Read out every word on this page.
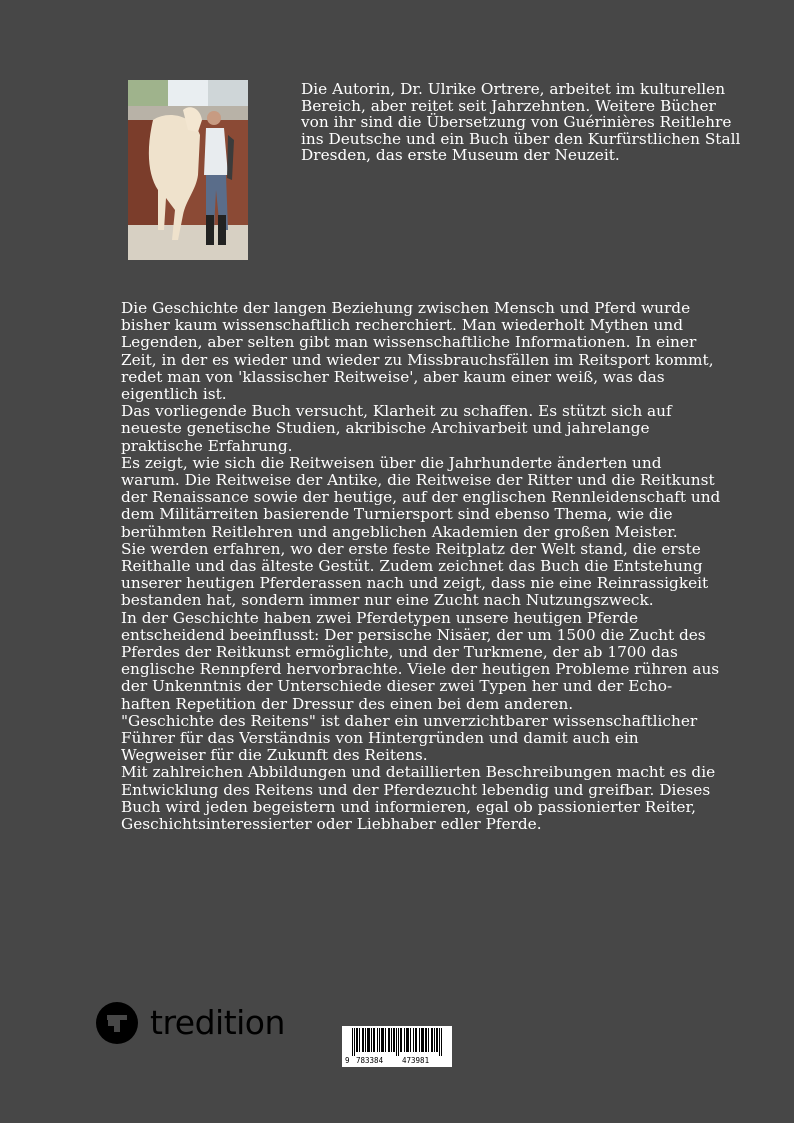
Die Autorin, Dr. Ulrike Ortrere, arbeitet im kulturellen Bereich, aber reitet seit Jahrzehnten. Weitere Bücher von ihr sind die Übersetzung von Guérinières Reitlehre ins Deutsche und ein Buch über den Kurfürstlichen Stall Dresden, das erste Museum der Neuzeit.

Die Geschichte der langen Beziehung zwischen Mensch und Pferd wurde bisher kaum wissenschaftlich recherchiert. Man wiederholt Mythen und Legenden, aber selten gibt man wissenschaftliche Informationen. In einer Zeit, in der es wieder und wieder zu Missbrauchsfällen im Reitsport kommt, redet man von 'klassischer Reitweise', aber kaum einer weiß, was das eigentlich ist.

Das vorliegende Buch versucht, Klarheit zu schaffen. Es stützt sich auf neueste genetische Studien, akribische Archivarbeit und jahrelange praktische Erfahrung.

Es zeigt, wie sich die Reitweisen über die Jahrhunderte änderten und warum. Die Reitweise der Antike, die Reitweise der Ritter und die Reitkunst der Renaissance sowie der heutige, auf der englischen Rennleidenschaft und dem Militärreiten basierende Turniersport sind ebenso Thema, wie die berühmten Reitlehren und angeblichen Akademien der großen Meister.

Sie werden erfahren, wo der erste feste Reitplatz der Welt stand, die erste Reithalle und das älteste Gestüt. Zudem zeichnet das Buch die Entstehung unserer heutigen Pferderassen nach und zeigt, dass nie eine Reinrassigkeit bestanden hat, sondern immer nur eine Zucht nach Nutzungszweck.

In der Geschichte haben zwei Pferdetypen unsere heutigen Pferde entscheidend beeinflusst: Der persische Nisäer, der um 1500 die Zucht des Pferdes der Reitkunst ermöglichte, und der Turkmene, der ab 1700 das englische Rennpferd hervorbrachte. Viele der heutigen Probleme rühren aus der Unkenntnis der Unterschiede dieser zwei Typen her und der Echo-haften Repetition der Dressur des einen bei dem anderen.

"Geschichte des Reitens" ist daher ein unverzichtbarer wissenschaftlicher Führer für das Verständnis von Hintergründen und damit auch ein Wegweiser für die Zukunft des Reitens.

Mit zahlreichen Abbildungen und detaillierten Beschreibungen macht es die Entwicklung des Reitens und der Pferdezucht lebendig und greifbar. Dieses Buch wird jeden begeistern und informieren, egal ob passionierter Reiter, Geschichtsinteressierter oder Liebhaber edler Pferde.

tredition
9 783384	473981
